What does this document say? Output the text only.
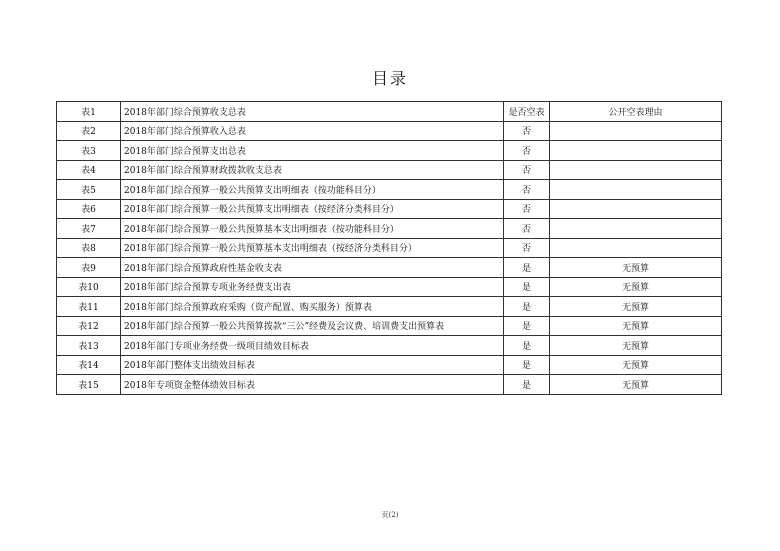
目录
表1	2018年部门综合预算收支总表	是否空表	公开空表理由
表2	2018年部门综合预算收入总表	否	
表3	2018年部门综合预算支出总表	否	
表4	2018年部门综合预算财政拨款收支总表	否	
表5	2018年部门综合预算一般公共预算支出明细表（按功能科目分）	否	
表6	2018年部门综合预算一般公共预算支出明细表（按经济分类科目分）	否	
表7	2018年部门综合预算一般公共预算基本支出明细表（按功能科目分）	否	
表8	2018年部门综合预算一般公共预算基本支出明细表（按经济分类科目分）	否	
表9	2018年部门综合预算政府性基金收支表	是	无预算
表10	2018年部门综合预算专项业务经费支出表	是	无预算
表11	2018年部门综合预算政府采购（资产配置、购买服务）预算表	是	无预算
表12	2018年部门综合预算一般公共预算拨款“三公”经费及会议费、培训费支出预算表	是	无预算
表13	2018年部门专项业务经费一级项目绩效目标表	是	无预算
表14	2018年部门整体支出绩效目标表	是	无预算
表15	2018年专项资金整体绩效目标表	是	无预算
页(2)
